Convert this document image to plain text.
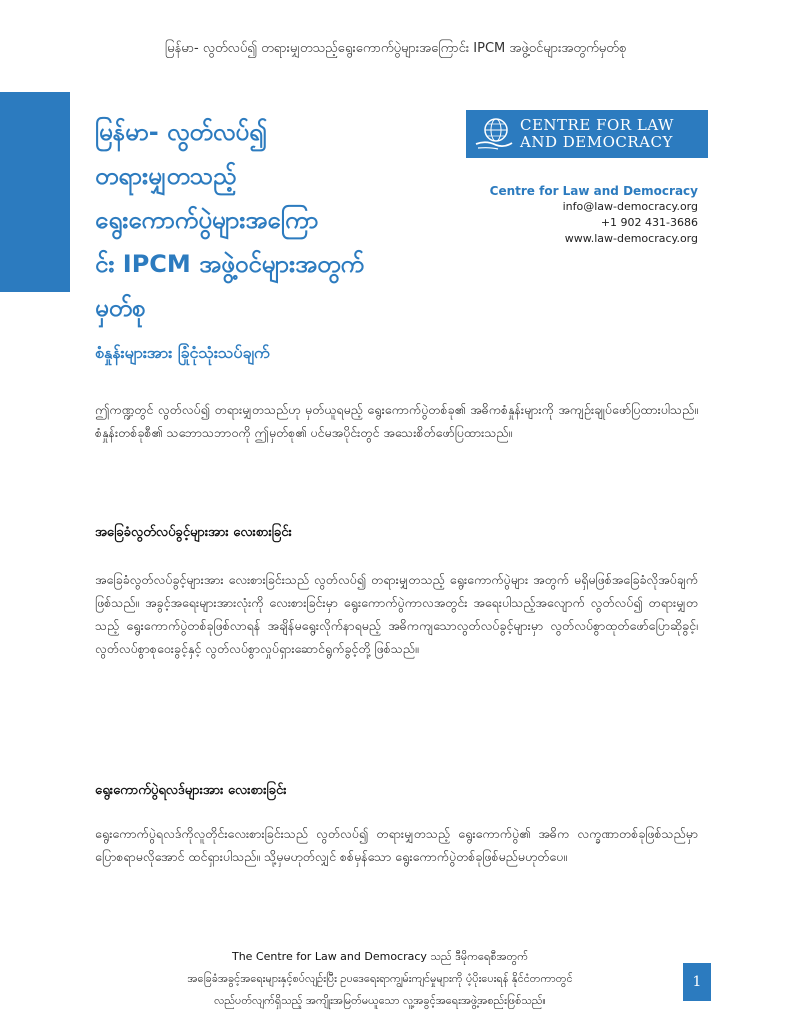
မြန်မာ- လွတ်လပ်၍ တရားမျှတသည့်ရွေးကောက်ပွဲများအကြောင်း IPCM အဖွဲ့ဝင်များအတွက်မှတ်စု
မြန်မာ- လွတ်လပ်၍
တရားမျှတသည့်
ရွေးကောက်ပွဲများအကြော
င်း IPCM အဖွဲ့ဝင်များအတွက်
မှတ်စု
စံနှုန်းများအား ခြုံငုံသုံးသပ်ချက်
CENTRE FOR LAW
AND DEMOCRACY
Centre for Law and Democracy
info@law-democracy.org
+1 902 431-3686
www.law-democracy.org
ဤကဏ္ဍတွင် လွတ်လပ်၍ တရားမျှတသည်ဟု မှတ်ယူရမည့် ရွေးကောက်ပွဲတစ်ခု၏ အဓိကစံနှုန်းများကို အကျဉ်းချုပ်ဖော်ပြထားပါသည်။ စံနှုန်းတစ်ခုစီ၏ သဘောသဘာဝကို ဤမှတ်စု၏ ပင်မအပိုင်းတွင် အသေးစိတ်ဖော်ပြထားသည်။
အခြေခံလွတ်လပ်ခွင့်များအား လေးစားခြင်း
အခြေခံလွတ်လပ်ခွင့်များအား လေးစားခြင်းသည် လွတ်လပ်၍ တရားမျှတသည့် ရွေးကောက်ပွဲများ အတွက် မရှိမဖြစ်အခြေခံလိုအပ်ချက်ဖြစ်သည်။ အခွင့်အရေးများအားလုံးကို လေးစားခြင်းမှာ ရွေးကောက်ပွဲကာလအတွင်း အရေးပါသည့်အလျောက် လွတ်လပ်၍ တရားမျှတသည့် ရွေးကောက်ပွဲတစ်ခုဖြစ်လာရန် အချိန်မရွေးလိုက်နာရမည့် အဓိကကျသောလွတ်လပ်ခွင့်များမှာ လွတ်လပ်စွာထုတ်ဖော်ပြောဆိုခွင့်၊ လွတ်လပ်စွာစုဝေးခွင့်နှင့် လွတ်လပ်စွာလှုပ်ရှားဆောင်ရွက်ခွင့်တို့ ဖြစ်သည်။
ရွေးကောက်ပွဲရလဒ်များအား လေးစားခြင်း
ရွေးကောက်ပွဲရလဒ်ကိုလူတိုင်းလေးစားခြင်းသည် လွတ်လပ်၍ တရားမျှတသည့် ရွေးကောက်ပွဲ၏ အဓိက လက္ခဏာတစ်ခုဖြစ်သည်မှာ ပြောစရာမလိုအောင် ထင်ရှားပါသည်။ သို့မှမဟုတ်လျှင် စစ်မှန်သော ရွေးကောက်ပွဲတစ်ခုဖြစ်မည်မဟုတ်ပေ။
The Centre for Law and Democracy သည် ဒီမိုကရေစီအတွက်
အခြေခံအခွင့်အရေးများနှင့်စပ်လျဉ်းပြီး ဥပဒေရေးရာကျွမ်းကျင်မှုများကို ပံ့ပိုးပေးရန် နိုင်ငံတကာတွင်
လည်ပတ်လျက်ရှိသည့် အကျိုးအမြတ်မယူသော လူ့အခွင့်အရေးအဖွဲ့အစည်းဖြစ်သည်။
1
